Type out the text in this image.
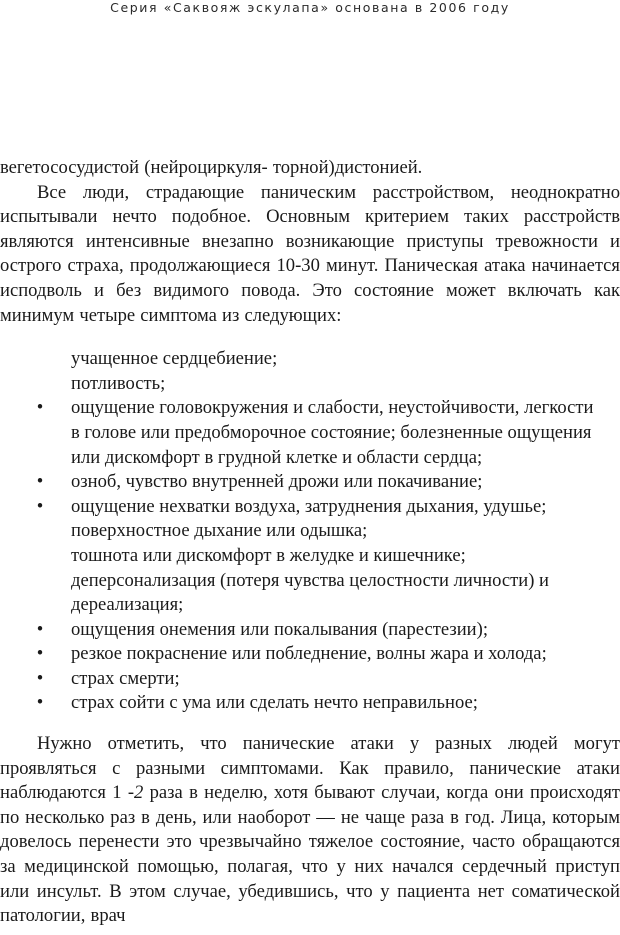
Серия «Саквояж эскулапа» основана в 2006 году

вегетососудистой (нейроциркуля- торной)дистонией.

Все люди, страдающие паническим расстройством, неоднократно испытывали нечто подобное. Основным критерием таких расстройств являются интенсивные внезапно возникающие приступы тревожности и острого страха, продолжающиеся 10-30 минут. Паническая атака начинается исподволь и без видимого повода. Это состояние может включать как минимум четыре симптома из следующих:

учащенное сердцебиение;
потливость;
• ощущение головокружения и слабости, неустойчивости, легкости в голове или предобморочное состояние; болезненные ощущения или дискомфорт в грудной клетке и области сердца;
• озноб, чувство внутренней дрожи или покачивание;
• ощущение нехватки воздуха, затруднения дыхания, удушье; поверхностное дыхание или одышка;
тошнота или дискомфорт в желудке и кишечнике;
деперсонализация (потеря чувства целостности личности) и дереализация;
• ощущения онемения или покалывания (парестезии);
• резкое покраснение или побледнение, волны жара и холода;
• страх смерти;
• страх сойти с ума или сделать нечто неправильное;

Нужно отметить, что панические атаки у разных людей могут проявляться с разными симптомами. Как правило, панические атаки наблюдаются 1 -2 раза в неделю, хотя бывают случаи, когда они происходят по несколько раз в день, или наоборот — не чаще раза в год. Лица, которым довелось перенести это чрезвычайно тяжелое состояние, часто обращаются за медицинской помощью, полагая, что у них начался сердечный приступ или инсульт. В этом случае, убедившись, что у пациента нет соматической патологии, врач
